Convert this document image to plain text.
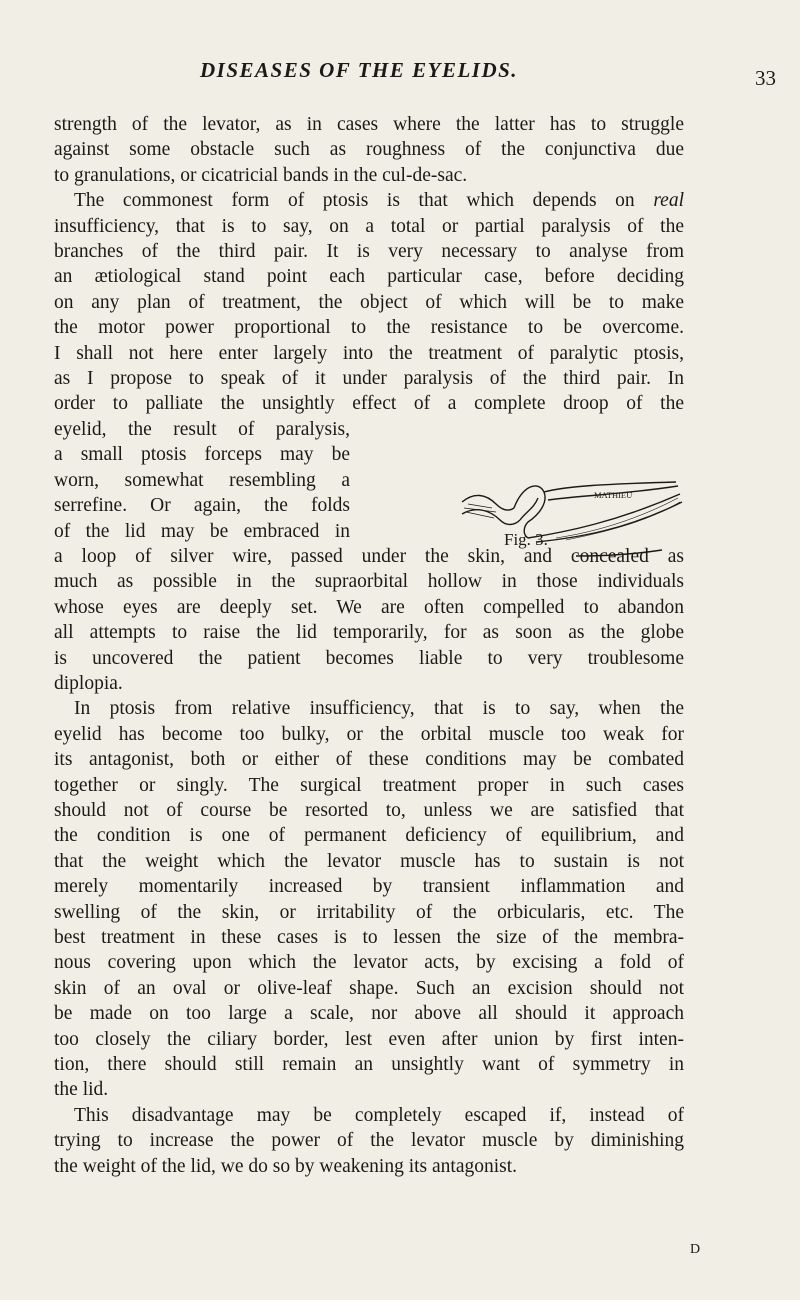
DISEASES OF THE EYELIDS.	33
strength of the levator, as in cases where the latter has to struggle
against some obstacle such as roughness of the conjunctiva due
to granulations, or cicatricial bands in the cul-de-sac.
The commonest form of ptosis is that which depends on real
insufficiency, that is to say, on a total or partial paralysis of the
branches of the third pair. It is very necessary to analyse from
an ætiological stand point each particular case, before deciding
on any plan of treatment, the object of which will be to make
the motor power proportional to the resistance to be overcome.
I shall not here enter largely into the treatment of paralytic ptosis,
as I propose to speak of it under paralysis of the third pair. In
order to palliate the unsightly effect of a complete droop of the
eyelid, the result of paralysis,
a small ptosis forceps may be
worn, somewhat resembling a
serrefine. Or again, the folds
of the lid may be embraced in
a loop of silver wire, passed under the skin, and concealed as
much as possible in the supraorbital hollow in those individuals
whose eyes are deeply set. We are often compelled to abandon
all attempts to raise the lid temporarily, for as soon as the globe
is uncovered the patient becomes liable to very troublesome
diplopia.
In ptosis from relative insufficiency, that is to say, when the
eyelid has become too bulky, or the orbital muscle too weak for
its antagonist, both or either of these conditions may be combated
together or singly. The surgical treatment proper in such cases
should not of course be resorted to, unless we are satisfied that
the condition is one of permanent deficiency of equilibrium, and
that the weight which the levator muscle has to sustain is not
merely momentarily increased by transient inflammation and
swelling of the skin, or irritability of the orbicularis, etc. The
best treatment in these cases is to lessen the size of the membra-
nous covering upon which the levator acts, by excising a fold of
skin of an oval or olive-leaf shape. Such an excision should not
be made on too large a scale, nor above all should it approach
too closely the ciliary border, lest even after union by first inten-
tion, there should still remain an unsightly want of symmetry in
the lid.
This disadvantage may be completely escaped if, instead of
trying to increase the power of the levator muscle by diminishing
the weight of the lid, we do so by weakening its antagonist.
MATHIEU
Fig. 3.
D
